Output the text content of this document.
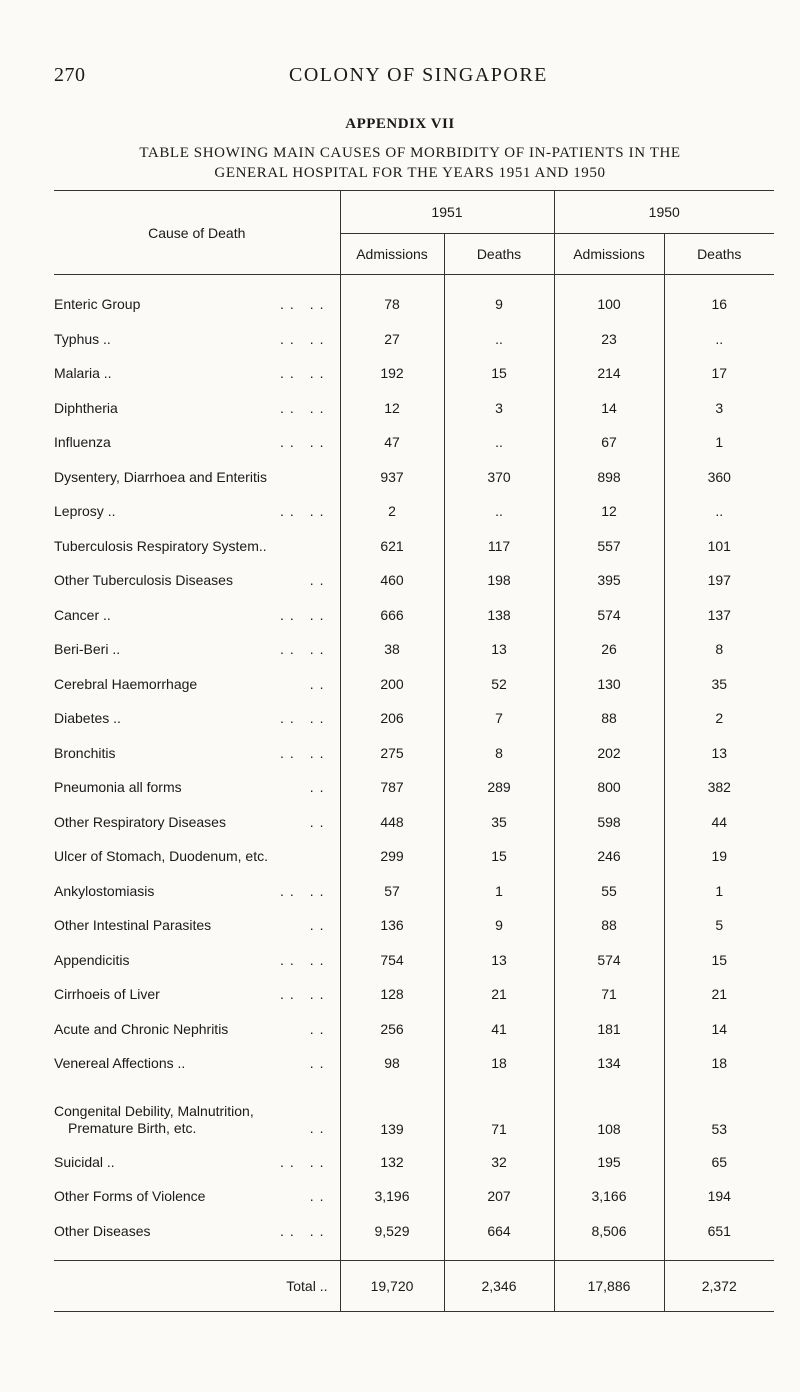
270	COLONY OF SINGAPORE
APPENDIX VII
TABLE SHOWING MAIN CAUSES OF MORBIDITY OF IN-PATIENTS IN THE
GENERAL HOSPITAL FOR THE YEARS 1951 AND 1950
Cause of Death	1951		1950	
	Admissions	Deaths	Admissions	Deaths

Enteric Group .. ..	78	9	100	16
Typhus .. .. ..	27	..	23	..
Malaria .. .. ..	192	15	214	17
Diphtheria .. ..	12	3	14	3
Influenza .. ..	47	..	67	1
Dysentery, Diarrhoea and Enteritis	937	370	898	360
Leprosy .. .. ..	2	..	12	..
Tuberculosis Respiratory System..	621	117	557	101
Other Tuberculosis Diseases ..	460	198	395	197
Cancer .. .. ..	666	138	574	137
Beri-Beri .. .. ..	38	13	26	8
Cerebral Haemorrhage ..	200	52	130	35
Diabetes .. .. ..	206	7	88	2
Bronchitis .. ..	275	8	202	13
Pneumonia all forms ..	787	289	800	382
Other Respiratory Diseases ..	448	35	598	44
Ulcer of Stomach, Duodenum, etc.	299	15	246	19
Ankylostomiasis .. ..	57	1	55	1
Other Intestinal Parasites ..	136	9	88	5
Appendicitis .. ..	754	13	574	15
Cirrhoeis of Liver .. ..	128	21	71	21
Acute and Chronic Nephritis ..	256	41	181	14
Venereal Affections .. ..	98	18	134	18

Congenital Debility, Malnutrition,
Premature Birth, etc. ..	139	71	108	53
Suicidal .. .. ..	132	32	195	65
Other Forms of Violence ..	3,196	207	3,166	194
Other Diseases .. ..	9,529	664	8,506	651

Total ..	19,720	2,346	17,886	2,372
